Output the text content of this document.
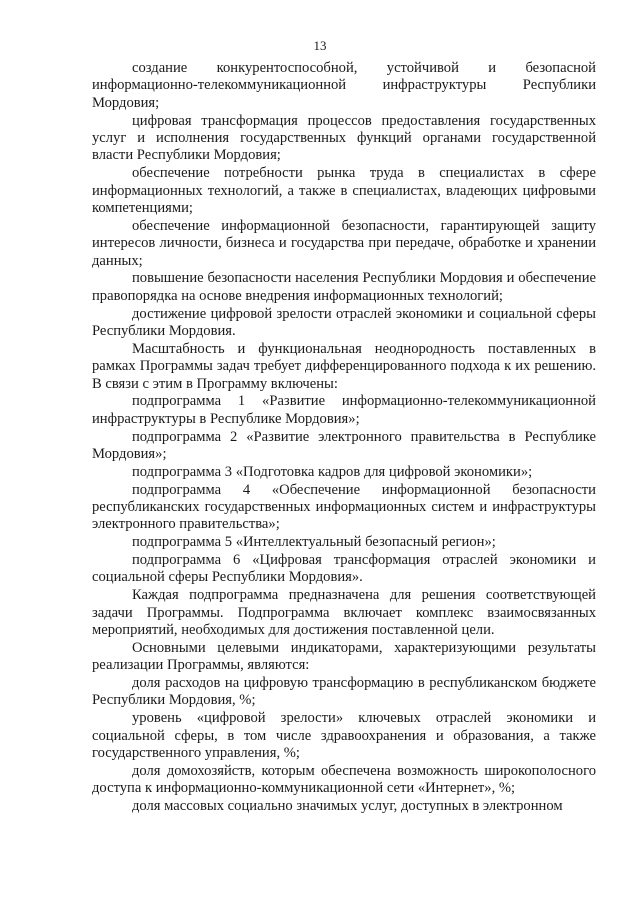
13

создание конкурентоспособной, устойчивой и безопасной информационно-телекоммуникационной инфраструктуры Республики Мордовия;

цифровая трансформация процессов предоставления государственных услуг и исполнения государственных функций органами государственной власти Республики Мордовия;

обеспечение потребности рынка труда в специалистах в сфере информационных технологий, а также в специалистах, владеющих цифровыми компетенциями;

обеспечение информационной безопасности, гарантирующей защиту интересов личности, бизнеса и государства при передаче, обработке и хранении данных;

повышение безопасности населения Республики Мордовия и обеспечение правопорядка на основе внедрения информационных технологий;

достижение цифровой зрелости отраслей экономики и социальной сферы Республики Мордовия.

Масштабность и функциональная неоднородность поставленных в рамках Программы задач требует дифференцированного подхода к их решению. В связи с этим в Программу включены:

подпрограмма 1 «Развитие информационно-телекоммуникационной инфраструктуры в Республике Мордовия»;

подпрограмма 2 «Развитие электронного правительства в Республике Мордовия»;

подпрограмма 3 «Подготовка кадров для цифровой экономики»;

подпрограмма 4 «Обеспечение информационной безопасности республиканских государственных информационных систем и инфраструктуры электронного правительства»;

подпрограмма 5 «Интеллектуальный безопасный регион»;

подпрограмма 6 «Цифровая трансформация отраслей экономики и социальной сферы Республики Мордовия».

Каждая подпрограмма предназначена для решения соответствующей задачи Программы. Подпрограмма включает комплекс взаимосвязанных мероприятий, необходимых для достижения поставленной цели.

Основными целевыми индикаторами, характеризующими результаты реализации Программы, являются:

доля расходов на цифровую трансформацию в республиканском бюджете Республики Мордовия, %;

уровень «цифровой зрелости» ключевых отраслей экономики и социальной сферы, в том числе здравоохранения и образования, а также государственного управления, %;

доля домохозяйств, которым обеспечена возможность широкополосного доступа к информационно-коммуникационной сети «Интернет», %;

доля массовых социально значимых услуг, доступных в электронном
